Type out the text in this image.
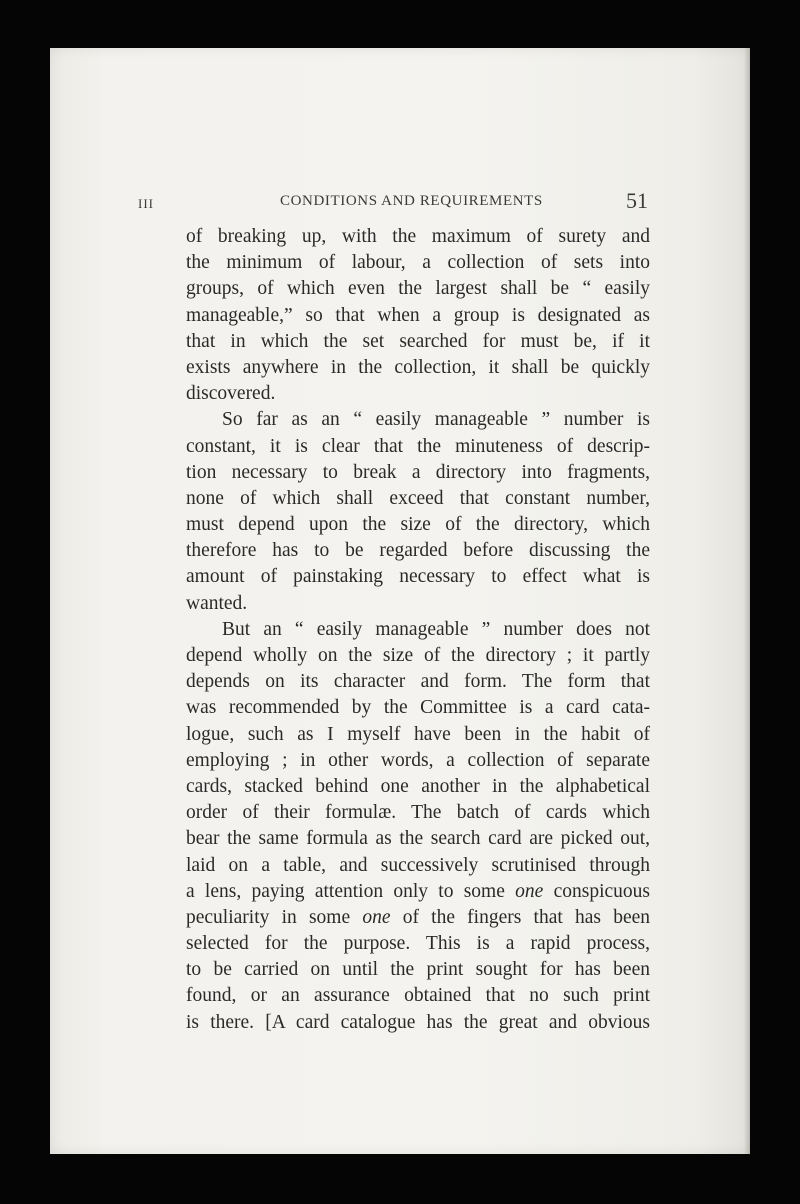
III	CONDITIONS AND REQUIREMENTS	51
of breaking up, with the maximum of surety and
the minimum of labour, a collection of sets into
groups, of which even the largest shall be “ easily
manageable,” so that when a group is designated as
that in which the set searched for must be, if it
exists anywhere in the collection, it shall be quickly
discovered.
So far as an “ easily manageable ” number is
constant, it is clear that the minuteness of descrip-
tion necessary to break a directory into fragments,
none of which shall exceed that constant number,
must depend upon the size of the directory, which
therefore has to be regarded before discussing the
amount of painstaking necessary to effect what is
wanted.
But an “ easily manageable ” number does not
depend wholly on the size of the directory ; it partly
depends on its character and form. The form that
was recommended by the Committee is a card cata-
logue, such as I myself have been in the habit of
employing ; in other words, a collection of separate
cards, stacked behind one another in the alphabetical
order of their formulæ. The batch of cards which
bear the same formula as the search card are picked out,
laid on a table, and successively scrutinised through
a lens, paying attention only to some one conspicuous
peculiarity in some one of the fingers that has been
selected for the purpose. This is a rapid process,
to be carried on until the print sought for has been
found, or an assurance obtained that no such print
is there. [A card catalogue has the great and obvious
